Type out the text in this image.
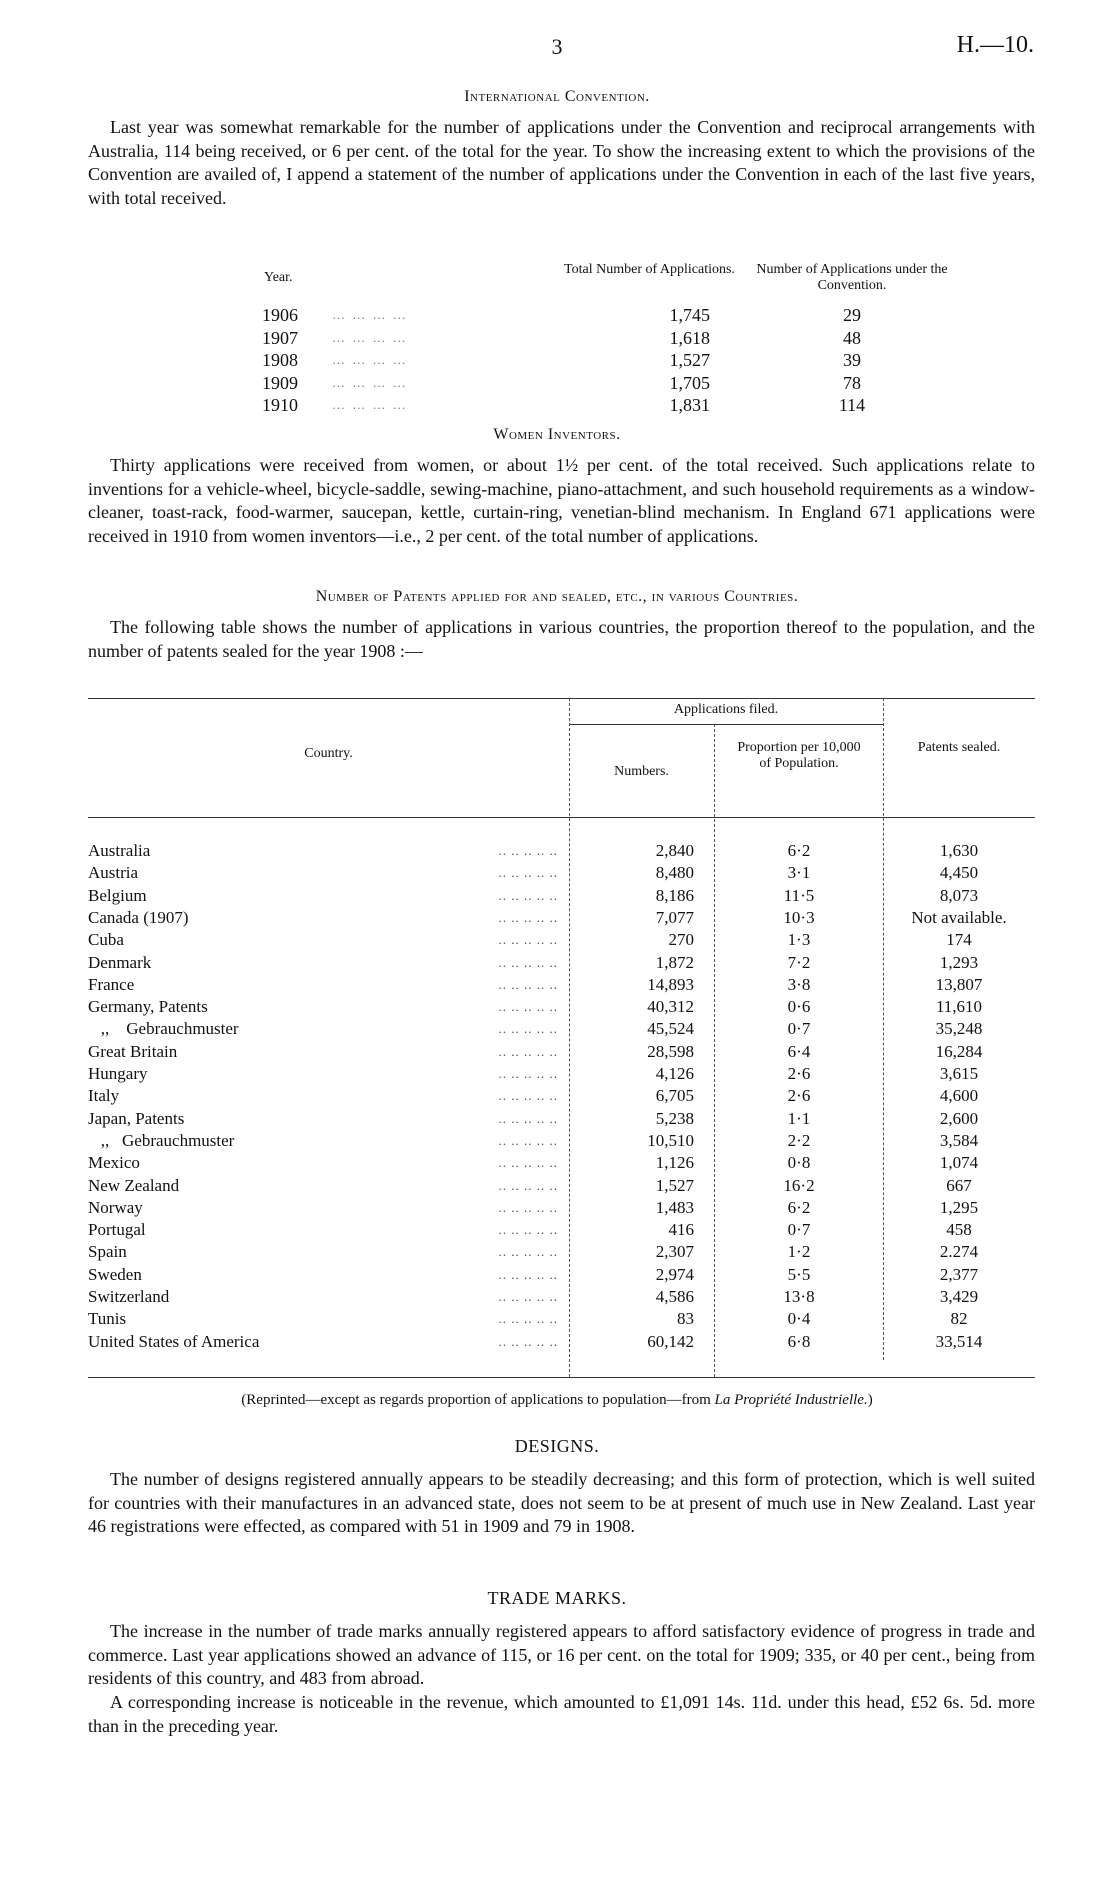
3	H.—10.
International Convention.
Last year was somewhat remarkable for the number of applications under the Convention and reciprocal arrangements with Australia, 114 being received, or 6 per cent. of the total for the year. To show the increasing extent to which the provisions of the Convention are availed of, I append a statement of the number of applications under the Convention in each of the last five years, with total received.
Year.
Total Number of Applications.	Number of Applications under the Convention.
1906	… … … …	1,745	29
1907	… … … …	1,618	48
1908	… … … …	1,527	39
1909	… … … …	1,705	78
1910	… … … …	1,831	114
Women Inventors.
Thirty applications were received from women, or about 1½ per cent. of the total received. Such applications relate to inventions for a vehicle-wheel, bicycle-saddle, sewing-machine, piano-attachment, and such household requirements as a window-cleaner, toast-rack, food-warmer, saucepan, kettle, curtain-ring, venetian-blind mechanism. In England 671 applications were received in 1910 from women inventors—i.e., 2 per cent. of the total number of applications.
Number of Patents applied for and sealed, etc., in various Countries.
The following table shows the number of applications in various countries, the proportion thereof to the population, and the number of patents sealed for the year 1908 :—
Country.
Applications filed.
Numbers.
Proportion per 10,000 of Population.
Patents sealed.
.. .. .. .. ..
Australia	2,840	6·2	1,630
.. .. .. .. ..
Austria	8,480	3·1	4,450
.. .. .. .. ..
Belgium	8,186	11·5	8,073
.. .. .. .. ..
Canada (1907)	7,077	10·3	Not available.
.. .. .. .. ..
Cuba	270	1·3	174
.. .. .. .. ..
Denmark	1,872	7·2	1,293
.. .. .. .. ..
France	14,893	3·8	13,807
.. .. .. .. ..
Germany, Patents	40,312	0·6	11,610
.. .. .. .. ..
,,    Gebrauchmuster	45,524	0·7	35,248
.. .. .. .. ..
Great Britain	28,598	6·4	16,284
.. .. .. .. ..
Hungary	4,126	2·6	3,615
.. .. .. .. ..
Italy	6,705	2·6	4,600
.. .. .. .. ..
Japan, Patents	5,238	1·1	2,600
.. .. .. .. ..
,,   Gebrauchmuster	10,510	2·2	3,584
.. .. .. .. ..
Mexico	1,126	0·8	1,074
.. .. .. .. ..
New Zealand	1,527	16·2	667
.. .. .. .. ..
Norway	1,483	6·2	1,295
.. .. .. .. ..
Portugal	416	0·7	458
.. .. .. .. ..
Spain	2,307	1·2	2.274
.. .. .. .. ..
Sweden	2,974	5·5	2,377
.. .. .. .. ..
Switzerland	4,586	13·8	3,429
.. .. .. .. ..
Tunis	83	0·4	82
.. .. .. .. ..
United States of America	60,142	6·8	33,514
(Reprinted—except as regards proportion of applications to population—from La Propriété Industrielle.)
DESIGNS.
The number of designs registered annually appears to be steadily decreasing; and this form of protection, which is well suited for countries with their manufactures in an advanced state, does not seem to be at present of much use in New Zealand. Last year 46 registrations were effected, as compared with 51 in 1909 and 79 in 1908.
TRADE MARKS.
The increase in the number of trade marks annually registered appears to afford satisfactory evidence of progress in trade and commerce. Last year applications showed an advance of 115, or 16 per cent. on the total for 1909; 335, or 40 per cent., being from residents of this country, and 483 from abroad.
A corresponding increase is noticeable in the revenue, which amounted to £1,091 14s. 11d. under this head, £52 6s. 5d. more than in the preceding year.
